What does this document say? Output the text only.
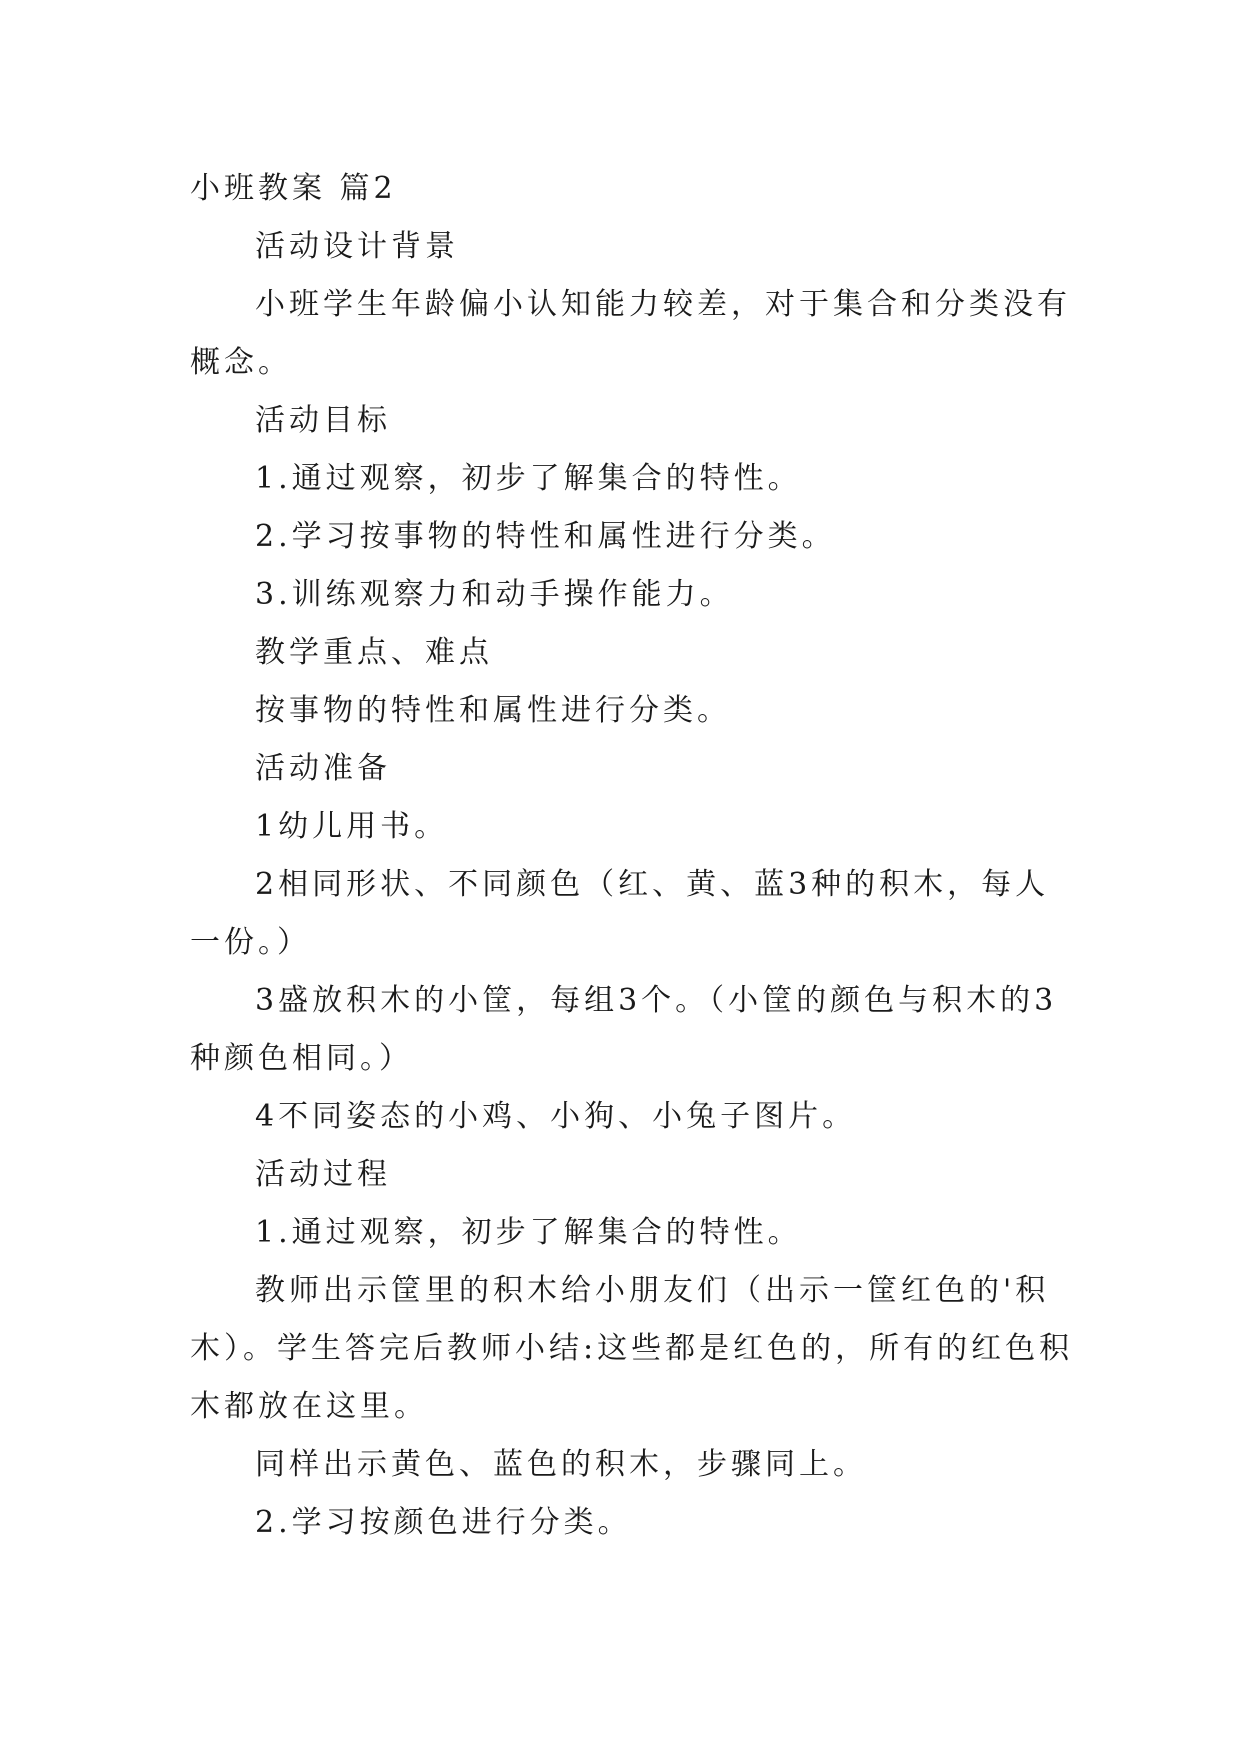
小班教案 篇2
活动设计背景
小班学生年龄偏小认知能力较差，对于集合和分类没有
概念。
活动目标
1.通过观察，初步了解集合的特性。
2.学习按事物的特性和属性进行分类。
3.训练观察力和动手操作能力。
教学重点、难点
按事物的特性和属性进行分类。
活动准备
1幼儿用书。
2相同形状、不同颜色（红、黄、蓝3种的积木，每人
一份。）
3盛放积木的小筐，每组3个。（小筐的颜色与积木的3
种颜色相同。）
4不同姿态的小鸡、小狗、小兔子图片。
活动过程
1.通过观察，初步了解集合的特性。
教师出示筐里的积木给小朋友们（出示一筐红色的'积
木）。学生答完后教师小结:这些都是红色的，所有的红色积
木都放在这里。
同样出示黄色、蓝色的积木，步骤同上。
2.学习按颜色进行分类。
